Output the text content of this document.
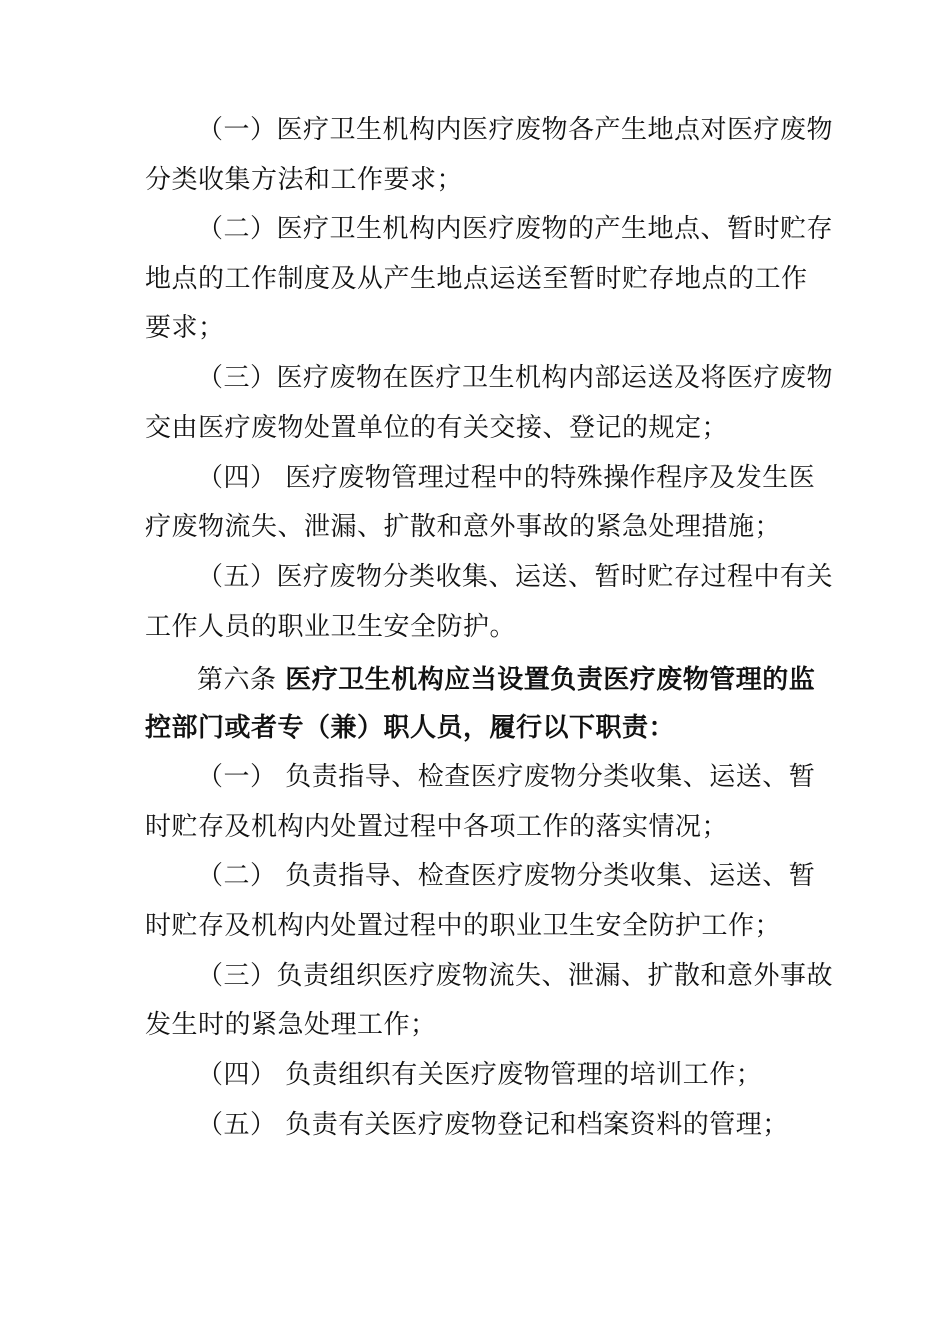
（一）医疗卫生机构内医疗废物各产生地点对医疗废物
分类收集方法和工作要求；
（二）医疗卫生机构内医疗废物的产生地点、暂时贮存
地点的工作制度及从产生地点运送至暂时贮存地点的工作
要求；
（三）医疗废物在医疗卫生机构内部运送及将医疗废物
交由医疗废物处置单位的有关交接、登记的规定；
（四） 医疗废物管理过程中的特殊操作程序及发生医
疗废物流失、泄漏、扩散和意外事故的紧急处理措施；
（五）医疗废物分类收集、运送、暂时贮存过程中有关
工作人员的职业卫生安全防护。
第六条 医疗卫生机构应当设置负责医疗废物管理的监
控部门或者专（兼）职人员，履行以下职责：
（一） 负责指导、检查医疗废物分类收集、运送、暂
时贮存及机构内处置过程中各项工作的落实情况；
（二） 负责指导、检查医疗废物分类收集、运送、暂
时贮存及机构内处置过程中的职业卫生安全防护工作；
（三）负责组织医疗废物流失、泄漏、扩散和意外事故
发生时的紧急处理工作；
（四） 负责组织有关医疗废物管理的培训工作；
（五） 负责有关医疗废物登记和档案资料的管理；
